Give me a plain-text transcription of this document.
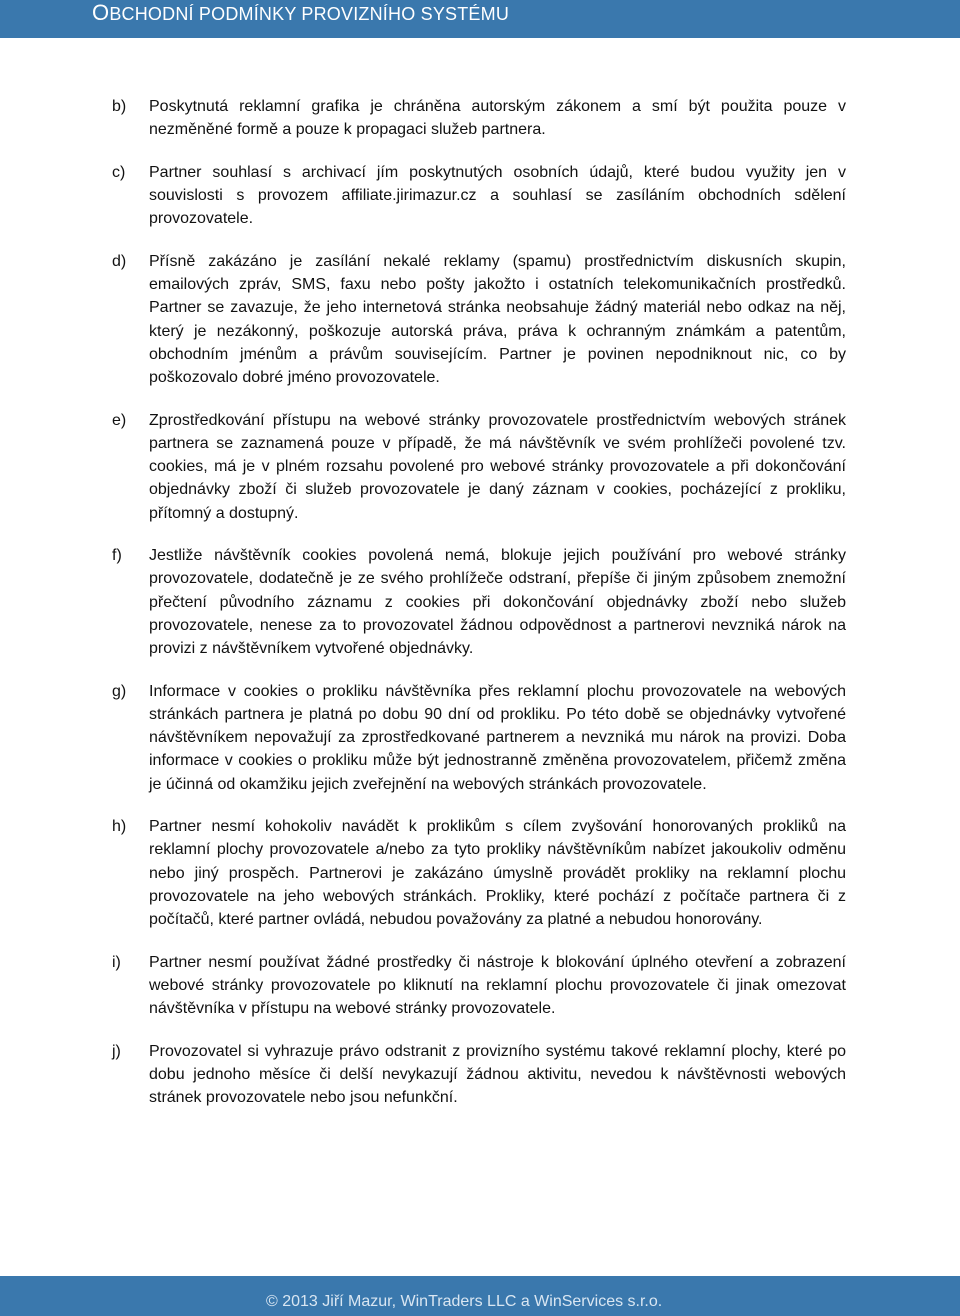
OBCHODNÍ PODMÍNKY PROVIZNÍHO SYSTÉMU
b) Poskytnutá reklamní grafika je chráněna autorským zákonem a smí být použita pouze v nezměněné formě a pouze k propagaci služeb partnera.
c) Partner souhlasí s archivací jím poskytnutých osobních údajů, které budou využity jen v souvislosti s provozem affiliate.jirimazur.cz a souhlasí se zasíláním obchodních sdělení provozovatele.
d) Přísně zakázáno je zasílání nekalé reklamy (spamu) prostřednictvím diskusních skupin, emailových zpráv, SMS, faxu nebo pošty jakožto i ostatních telekomunikačních prostředků. Partner se zavazuje, že jeho internetová stránka neobsahuje žádný materiál nebo odkaz na něj, který je nezákonný, poškozuje autorská práva, práva k ochranným známkám a patentům, obchodním jménům a právům souvisejícím. Partner je povinen nepodniknout nic, co by poškozovalo dobré jméno provozovatele.
e) Zprostředkování přístupu na webové stránky provozovatele prostřednictvím webových stránek partnera se zaznamená pouze v případě, že má návštěvník ve svém prohlížeči povolené tzv. cookies, má je v plném rozsahu povolené pro webové stránky provozovatele a při dokončování objednávky zboží či služeb provozovatele je daný záznam v cookies, pocházející z prokliku, přítomný a dostupný.
f) Jestliže návštěvník cookies povolená nemá, blokuje jejich používání pro webové stránky provozovatele, dodatečně je ze svého prohlížeče odstraní, přepíše či jiným způsobem znemožní přečtení původního záznamu z cookies při dokončování objednávky zboží nebo služeb provozovatele, nenese za to provozovatel žádnou odpovědnost a partnerovi nevzniká nárok na provizi z návštěvníkem vytvořené objednávky.
g) Informace v cookies o prokliku návštěvníka přes reklamní plochu provozovatele na webových stránkách partnera je platná po dobu 90 dní od prokliku. Po této době se objednávky vytvořené návštěvníkem nepovažují za zprostředkované partnerem a nevzniká mu nárok na provizi. Doba informace v cookies o prokliku může být jednostranně změněna provozovatelem, přičemž změna je účinná od okamžiku jejich zveřejnění na webových stránkách provozovatele.
h) Partner nesmí kohokoliv navádět k proklikům s cílem zvyšování honorovaných prokliků na reklamní plochy provozovatele a/nebo za tyto prokliky návštěvníkům nabízet jakoukoliv odměnu nebo jiný prospěch. Partnerovi je zakázáno úmyslně provádět prokliky na reklamní plochu provozovatele na jeho webových stránkách. Prokliky, které pochází z počítače partnera či z počítačů, které partner ovládá, nebudou považovány za platné a nebudou honorovány.
i) Partner nesmí používat žádné prostředky či nástroje k blokování úplného otevření a zobrazení webové stránky provozovatele po kliknutí na reklamní plochu provozovatele či jinak omezovat návštěvníka v přístupu na webové stránky provozovatele.
j) Provozovatel si vyhrazuje právo odstranit z provizního systému takové reklamní plochy, které po dobu jednoho měsíce či delší nevykazují žádnou aktivitu, nevedou k návštěvnosti webových stránek provozovatele nebo jsou nefunkční.
© 2013 Jiří Mazur, WinTraders LLC a WinServices s.r.o.
